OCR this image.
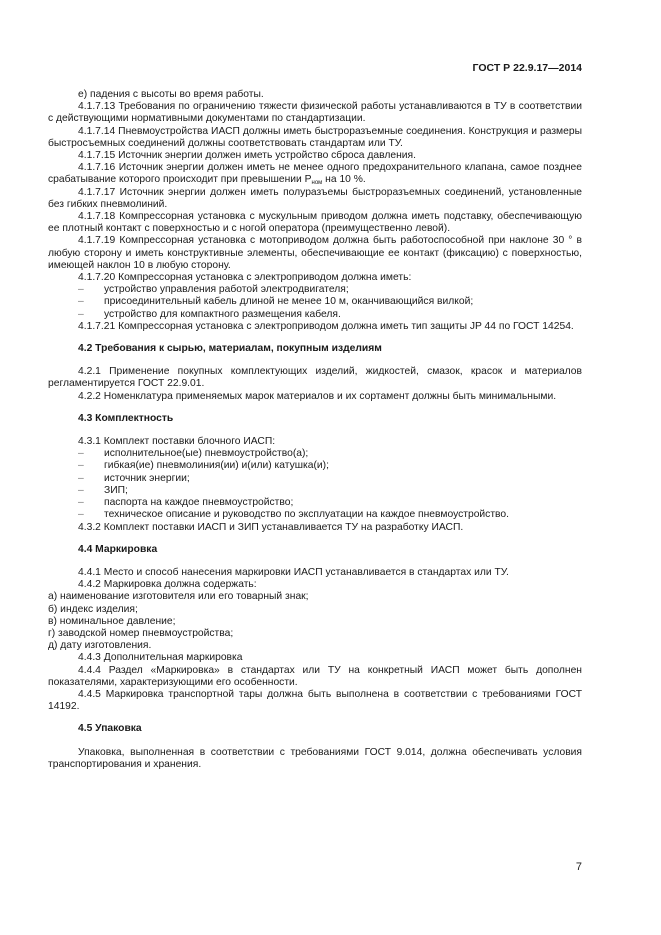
ГОСТ Р 22.9.17—2014

е) падения с высоты во время работы.

4.1.7.13 Требования по ограничению тяжести физической работы устанавливаются в ТУ в соответствии с действующими нормативными документами по стандартизации.

4.1.7.14 Пневмоустройства ИАСП должны иметь быстроразъемные соединения. Конструкция и размеры быстросъемных соединений должны соответствовать стандартам или ТУ.

4.1.7.15 Источник энергии должен иметь устройство сброса давления.

4.1.7.16 Источник энергии должен иметь не менее одного предохранительного клапана, самое позднее срабатывание которого происходит при превышении $Р_{ном}$ на 10 %.

4.1.7.17 Источник энергии должен иметь полуразъемы быстроразъемных соединений, установленные без гибких пневмолиний.

4.1.7.18 Компрессорная установка с мускульным приводом должна иметь подставку, обеспечивающую ее плотный контакт с поверхностью и с ногой оператора (преимущественно левой).

4.1.7.19 Компрессорная установка с мотоприводом должна быть работоспособной при наклоне 30 ° в любую сторону и иметь конструктивные элементы, обеспечивающие ее контакт (фиксацию) с поверхностью, имеющей наклон 10 в любую сторону.

4.1.7.20 Компрессорная установка с электроприводом должна иметь:

– устройство управления работой электродвигателя;

– присоединительный кабель длиной не менее 10 м, оканчивающийся вилкой;

– устройство для компактного размещения кабеля.

4.1.7.21 Компрессорная установка с электроприводом должна иметь тип защиты JP 44 по ГОСТ 14254.

4.2 Требования к сырью, материалам, покупным изделиям

4.2.1 Применение покупных комплектующих изделий, жидкостей, смазок, красок и материалов регламентируется ГОСТ 22.9.01.

4.2.2 Номенклатура применяемых марок материалов и их сортамент должны быть минимальными.

4.3 Комплектность

4.3.1 Комплект поставки блочного ИАСП:

– исполнительное(ые) пневмоустройство(а);

– гибкая(ие) пневмолиния(ии) и(или) катушка(и);

– источник энергии;

– ЗИП;

– паспорта на каждое пневмоустройство;

– техническое описание и руководство по эксплуатации на каждое пневмоустройство.

4.3.2 Комплект поставки ИАСП и ЗИП устанавливается ТУ на разработку ИАСП.

4.4 Маркировка

4.4.1 Место и способ нанесения маркировки ИАСП устанавливается в стандартах или ТУ.

4.4.2 Маркировка должна содержать:

а) наименование изготовителя или его товарный знак;

б) индекс изделия;

в) номинальное давление;

г) заводской номер пневмоустройства;

д) дату изготовления.

4.4.3 Дополнительная маркировка

4.4.4 Раздел «Маркировка» в стандартах или ТУ на конкретный ИАСП может быть дополнен показателями, характеризующими его особенности.

4.4.5 Маркировка транспортной тары должна быть выполнена в соответствии с требованиями ГОСТ 14192.

4.5 Упаковка

Упаковка, выполненная в соответствии с требованиями ГОСТ 9.014, должна обеспечивать условия транспортирования и хранения.

7
